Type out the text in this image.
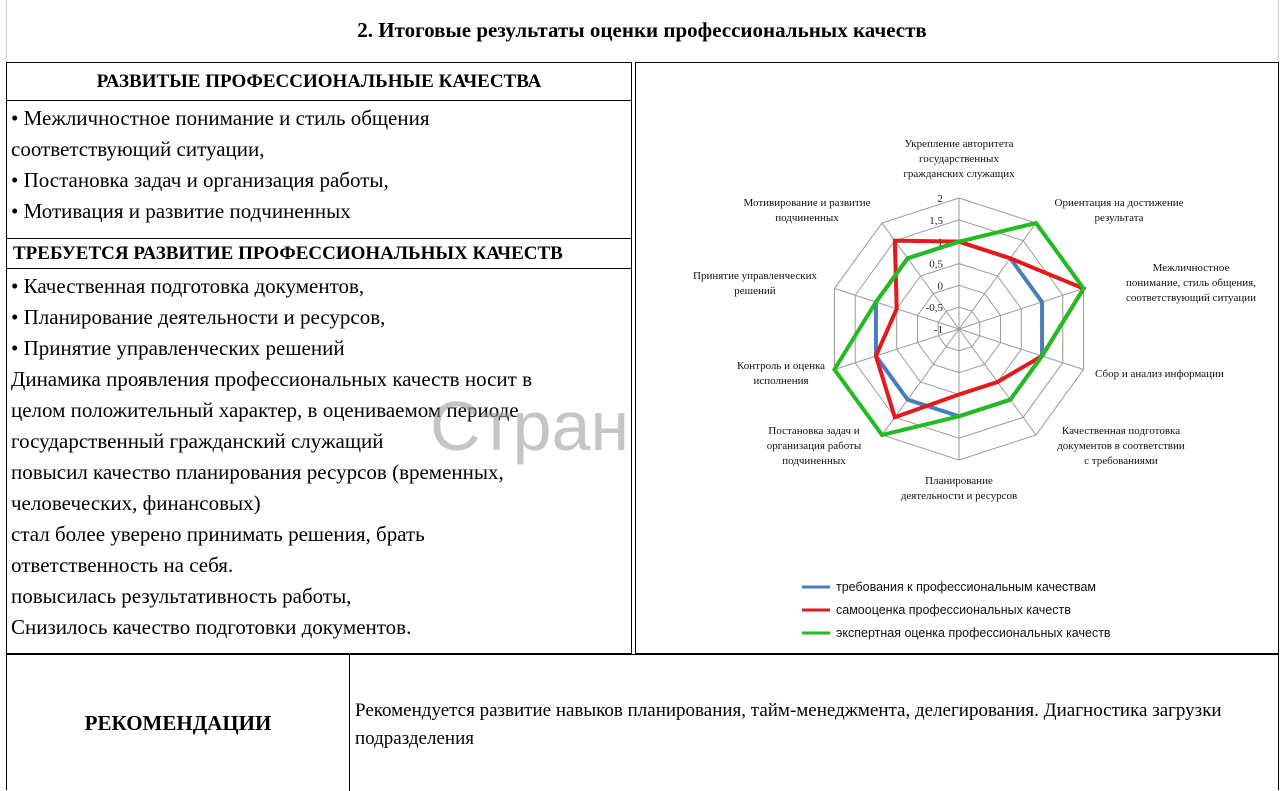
2. Итоговые результаты оценки профессиональных качеств
РАЗВИТЫЕ ПРОФЕССИОНАЛЬНЫЕ КАЧЕСТВА
• Межличностное понимание и стиль общения
соответствующий ситуации,
• Постановка задач и организация работы,
• Мотивация и развитие подчиненных
ТРЕБУЕТСЯ РАЗВИТИЕ ПРОФЕССИОНАЛЬНЫХ КАЧЕСТВ
• Качественная подготовка документов,
• Планирование деятельности и ресурсов,
• Принятие управленческих решений
Динамика проявления профессиональных качеств носит в
целом положительный характер, в оцениваемом периоде
государственный гражданский служащий
повысил качество планирования ресурсов (временных,
человеческих, финансовых)
стал более уверено принимать решения, брать
ответственность на себя.
повысилась результативность работы,
Снизилось качество подготовки документов.
2
1,5
1
0,5
0
-0,5
-1
Укрепление авторитета государственных гражданских служащих
Ориентация на достижение результата
Межличностное понимание, стиль общения, соответствующий ситуации
Сбор и анализ информации
Качественная подготовка документов в соответствии с требованиями
Планирование деятельности и ресурсов
Постановка задач и организация работы подчиненных
Контроль и оценка исполнения
Принятие управленческих решений
Мотивирование и развитие подчиненных
требования к профессиональным качествам
самооценка профессиональных качеств
экспертная оценка профессиональных качеств
Стран
РЕКОМЕНДАЦИИ	Рекомендуется развитие навыков планирования, тайм-менеджмента, делегирования. Диагностика загрузки подразделения
